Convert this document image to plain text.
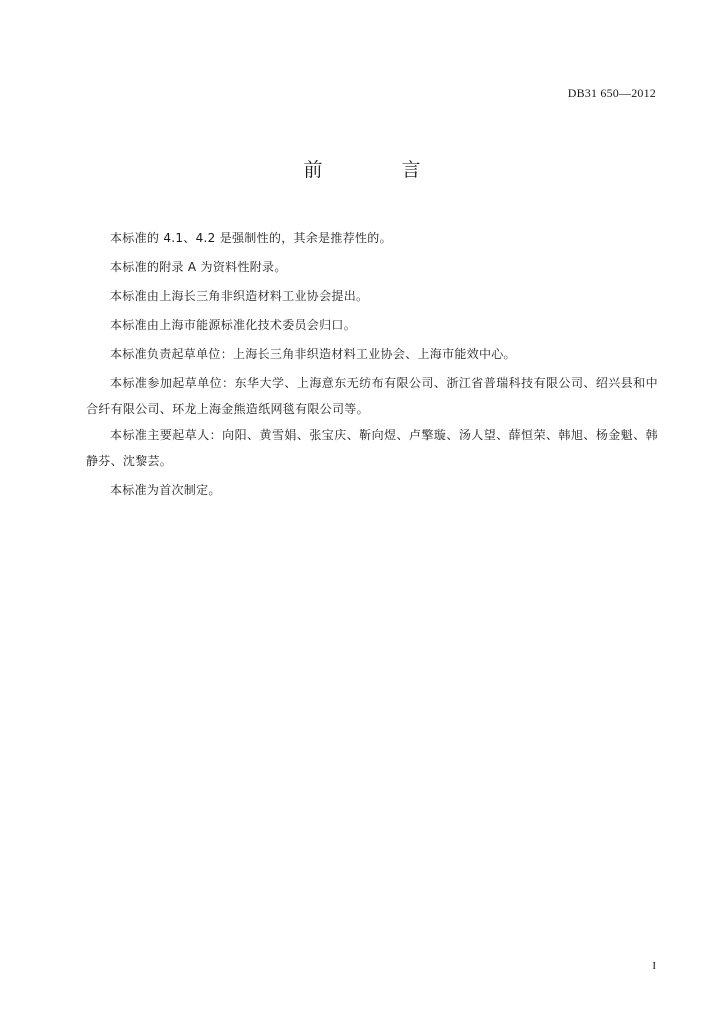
DB31 650—2012
前　言

本标准的 4.1、4.2 是强制性的，其余是推荐性的。

本标准的附录 A 为资料性附录。

本标准由上海长三角非织造材料工业协会提出。

本标准由上海市能源标准化技术委员会归口。

本标准负责起草单位：上海长三角非织造材料工业协会、上海市能效中心。

本标准参加起草单位：东华大学、上海意东无纺布有限公司、浙江省普瑞科技有限公司、绍兴县和中合纤有限公司、环龙上海金熊造纸网毯有限公司等。

本标准主要起草人：向阳、黄雪娟、张宝庆、靳向煜、卢擎璇、汤人望、薛恒荣、韩旭、杨金魁、韩静芬、沈黎芸。

本标准为首次制定。

I
